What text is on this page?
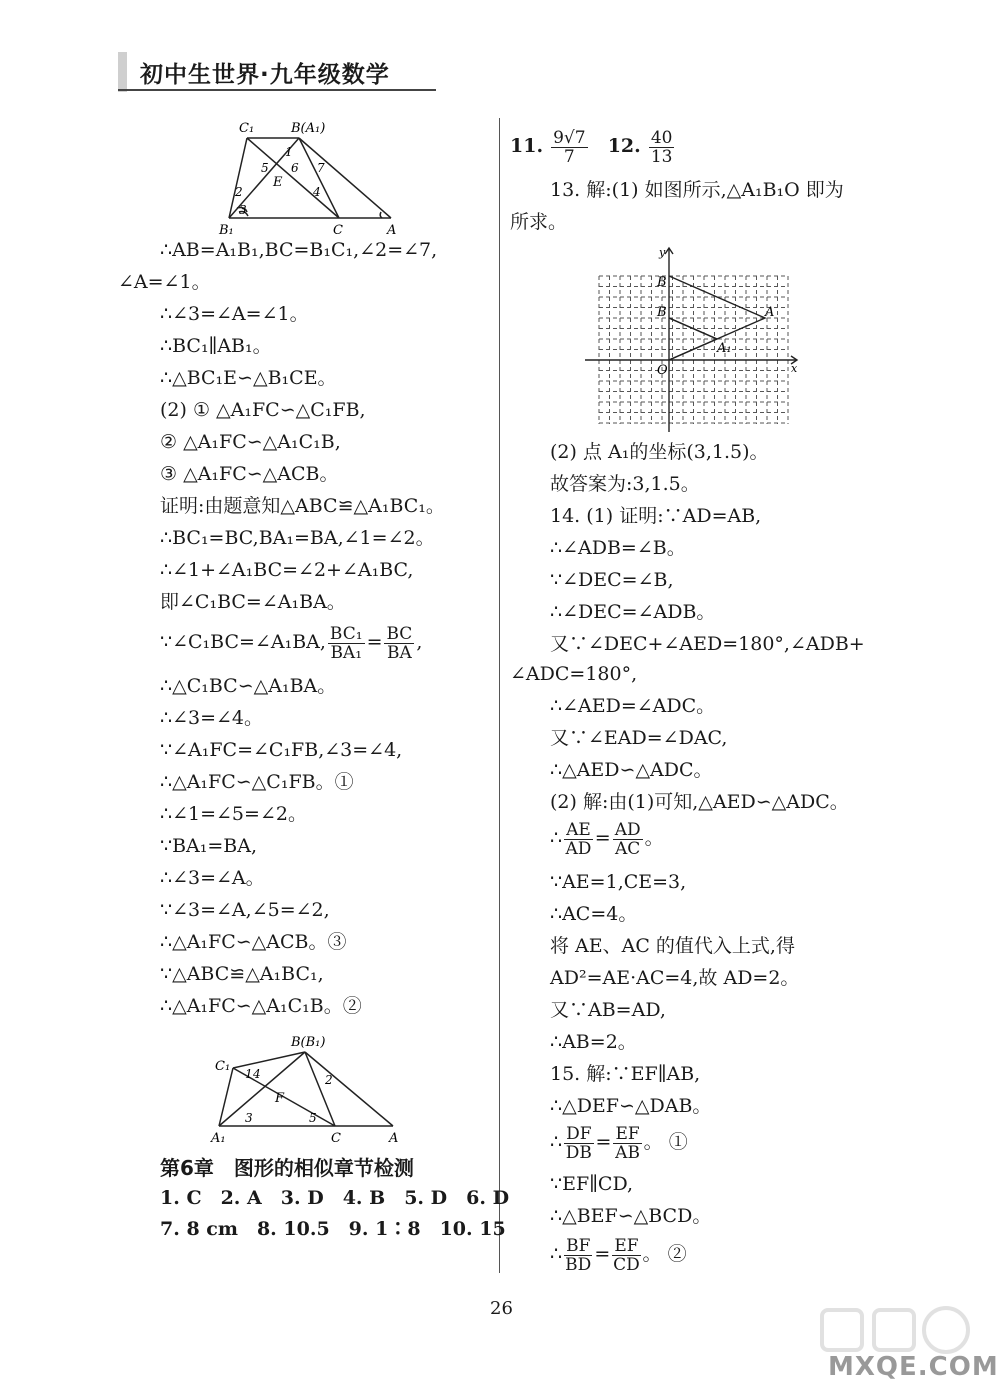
初中生世界·九年级数学
C₁	B(A₁)
B₁	C	A
E
1
2
3
4
5 6 7
∴AB=A₁B₁,BC=B₁C₁,∠2=∠7,
∠A=∠1。
∴∠3=∠A=∠1。
∴BC₁∥AB₁。
∴△BC₁E∽△B₁CE。
(2) ① △A₁FC∽△C₁FB,
② △A₁FC∽△A₁C₁B,
③ △A₁FC∽△ACB。
证明:由题意知△ABC≌△A₁BC₁。
∴BC₁=BC,BA₁=BA,∠1=∠2。
∴∠1+∠A₁BC=∠2+∠A₁BC,
即∠C₁BC=∠A₁BA。
∵∠C₁BC=∠A₁BA, $\frac{\text{BC₁}}{\text{BA₁}} = \frac{BC}{BA}$ ,
∴△C₁BC∽△A₁BA。
∴∠3=∠4。
∵∠A₁FC=∠C₁FB,∠3=∠4,
∴△A₁FC∽△C₁FB。①
∴∠1=∠5=∠2。
∵BA₁=BA,
∴∠3=∠A。
∵∠3=∠A,∠5=∠2,
∴△A₁FC∽△ACB。③
∵△ABC≌△A₁BC₁,
∴△A₁FC∽△A₁C₁B。②
B(B₁)
C₁
A₁	C	A
F
1	2
3
4
5
第6章　图形的相似章节检测
1. C　2. A　3. D　4. B　5. D　6. D
7. 8 cm　8. 10.5　9. 1∶8　10. 15
11. $\frac{9√7}{7} 12$. $\frac{40}{13}$
13. 解:(1) 如图所示,△A₁B₁O 即为
所求。
y
x
O
B
B	A
A₁
(2) 点 A₁的坐标(3,1.5)。
故答案为:3,1.5。
14. (1) 证明:∵AD=AB,
∴∠ADB=∠B。
∵∠DEC=∠B,
∴∠DEC=∠ADB。
又∵∠DEC+∠AED=180°,∠ADB+
∠ADC=180°,
∴∠AED=∠ADC。
又∵∠EAD=∠DAC,
∴△AED∽△ADC。
(2) 解:由(1)可知,△AED∽△ADC。
∴ $\frac{AE}{AD} = \frac{AD}{AC}$ 。
∵AE=1,CE=3,
∴AC=4。
将 AE、AC 的值代入上式,得
AD²=AE·AC=4,故 AD=2。
又∵AB=AD,
∴AB=2。
15. 解:∵EF∥AB,
∴△DEF∽△DAB。
∴ $\frac{DF}{DB} = \frac{EF}{AB}$ 。 ①
∵EF∥CD,
∴△BEF∽△BCD。
∴ $\frac{BF}{BD} = \frac{EF}{CD}$ 。 ②
26
MXQE.COM
